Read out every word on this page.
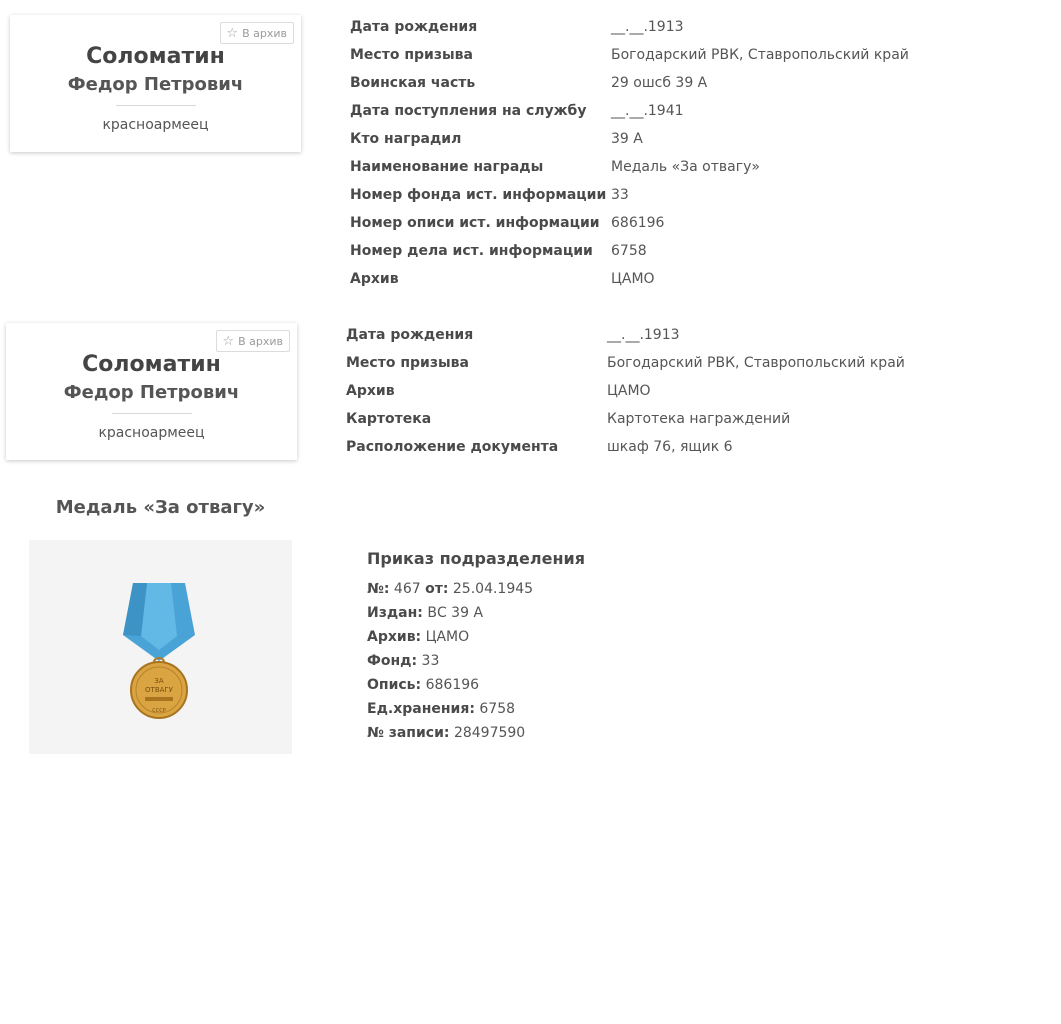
☆ В архив
Соломатин
Федор Петрович
красноармеец
Дата рождения	__.__.1913
Место призыва	Богодарский РВК, Ставропольский край
Воинская часть	29 ошсб 39 А
Дата поступления на службу	__.__.1941
Кто наградил	39 А
Наименование награды	Медаль «За отвагу»
Номер фонда ист. информации 33
Номер описи ист. информации 686196
Номер дела ист. информации	6758
Архив	ЦАМО
☆ В архив
Соломатин
Федор Петрович
красноармеец
Дата рождения	__.__.1913
Место призыва	Богодарский РВК, Ставропольский край
Архив	ЦАМО
Картотека	Картотека награждений
Расположение документа	шкаф 76, ящик 6
Медаль «За отвагу»
ЗА
ОТВАГУ
СССР
Приказ подразделения
№: 467 от: 25.04.1945
Издан: ВС 39 А
Архив: ЦАМО
Фонд: 33
Опись: 686196
Ед.хранения: 6758
№ записи: 28497590
